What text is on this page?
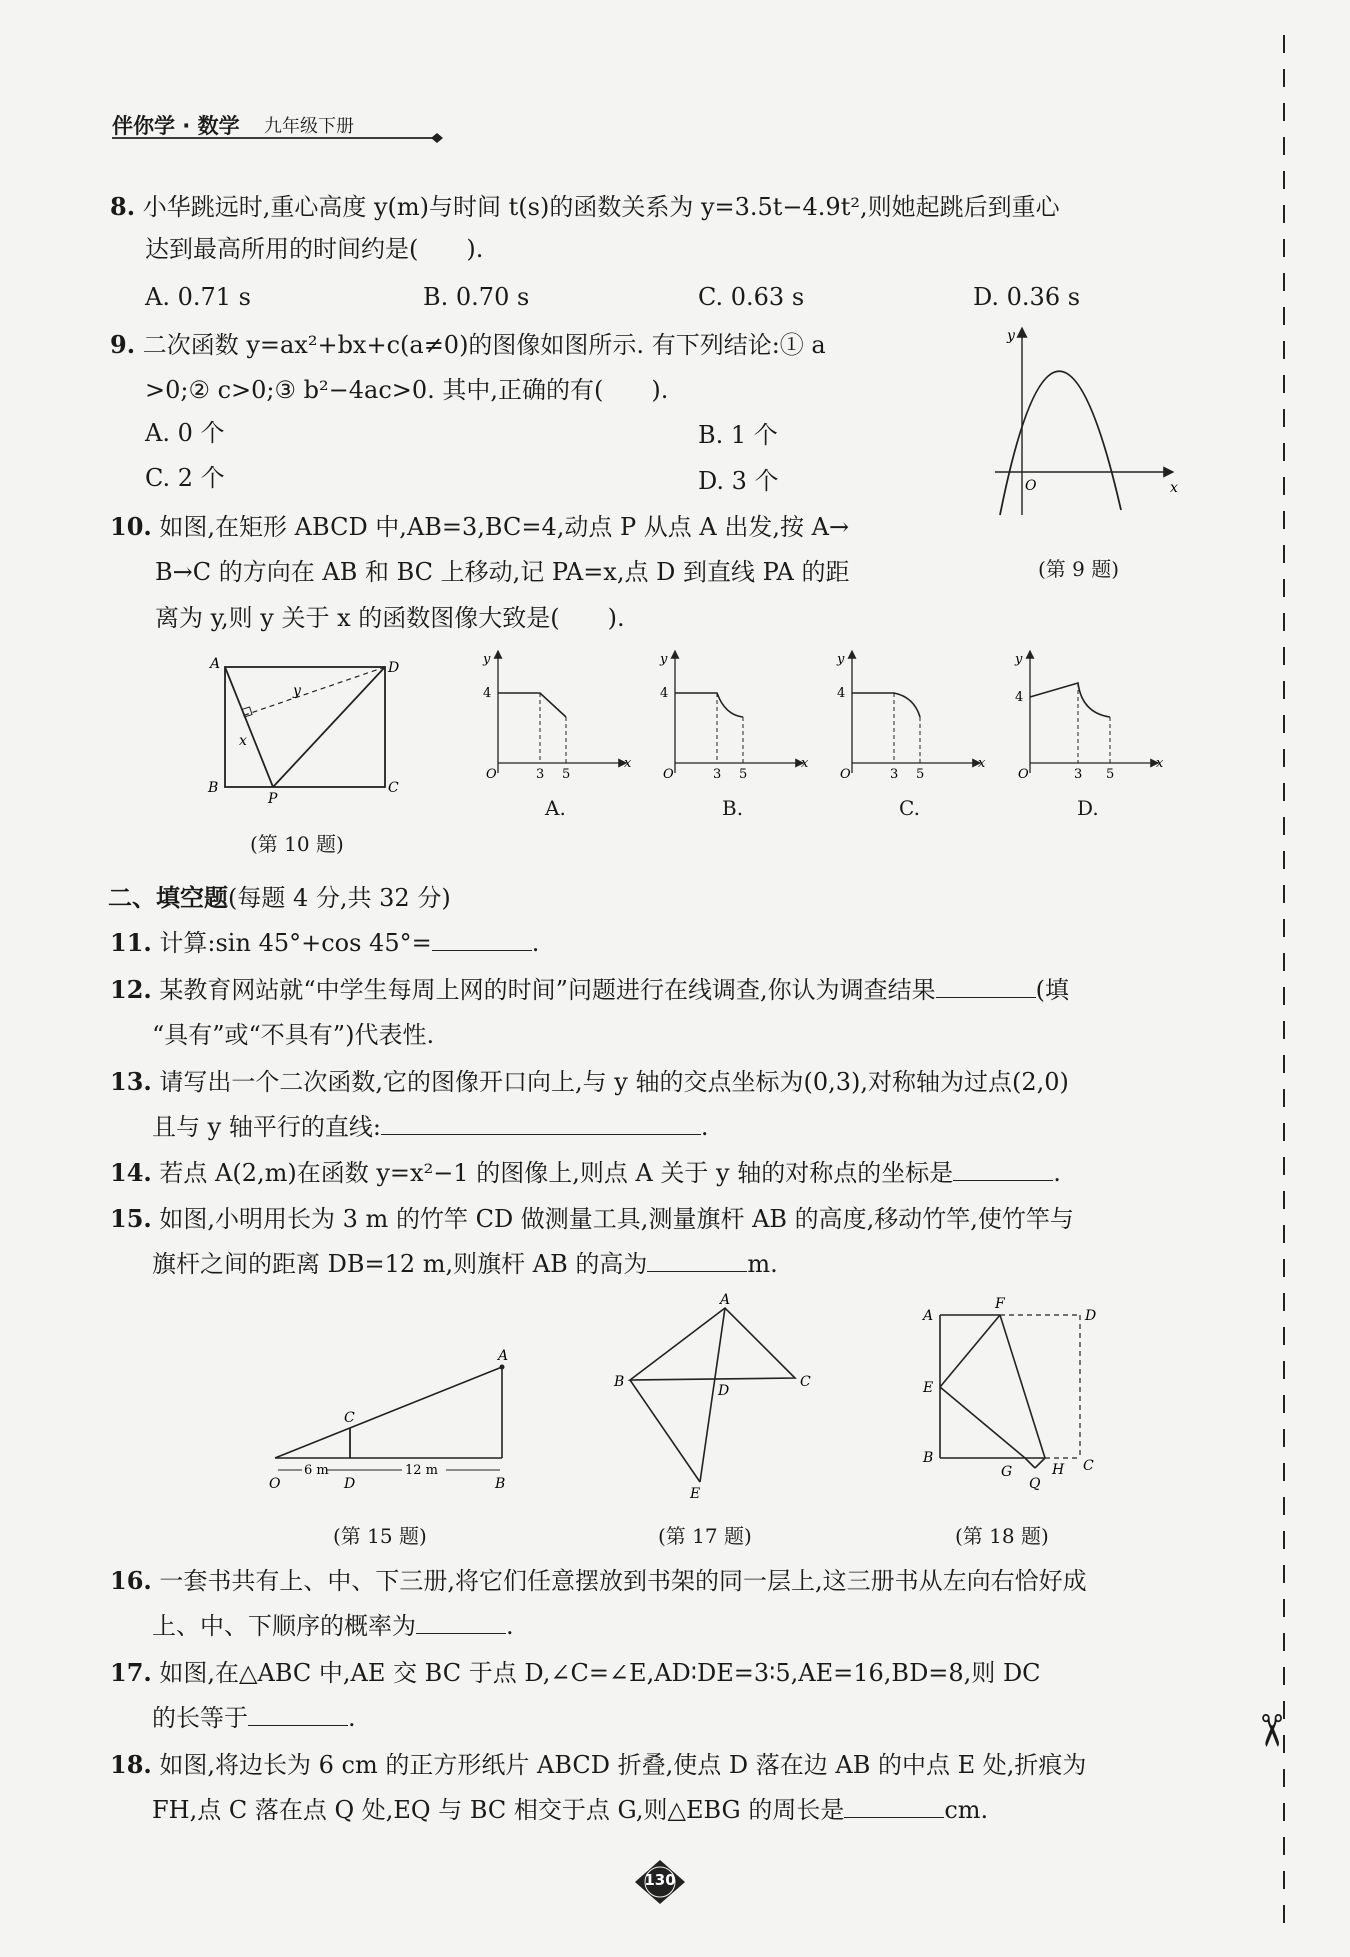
伴你学 · 数学 九年级下册
8. 小华跳远时,重心高度 y(m)与时间 t(s)的函数关系为 y=3.5t−4.9t²,则她起跳后到重心
达到最高所用的时间约是(　　).
A. 0.71 s	B. 0.70 s	C. 0.63 s	D. 0.36 s
9. 二次函数 y=ax²+bx+c(a≠0)的图像如图所示. 有下列结论:① a
>0;② c>0;③ b²−4ac>0. 其中,正确的有(　　).
A. 0 个	B. 1 个
C. 2 个	D. 3 个
y
x
O
(第 9 题)
10. 如图,在矩形 ABCD 中,AB=3,BC=4,动点 P 从点 A 出发,按 A→
B→C 的方向在 AB 和 BC 上移动,记 PA=x,点 D 到直线 PA 的距
离为 y,则 y 关于 x 的函数图像大致是(　　).
A	D
B	C
P
x
y
(第 10 题)
y
4
O	3 5
x
A.
y
4
O	3 5
x
B.
y
4
O	3 5
x
C.
y
4
O	3 5
x
D.
二、填空题(每题 4 分,共 32 分)
11. 计算:sin 45°+cos 45°=	.
12. 某教育网站就“中学生每周上网的时间”问题进行在线调查,你认为调查结果	(填
“具有”或“不具有”)代表性.
13. 请写出一个二次函数,它的图像开口向上,与 y 轴的交点坐标为(0,3),对称轴为过点(2,0)
且与 y 轴平行的直线:	.
14. 若点 A(2,m)在函数 y=x²−1 的图像上,则点 A 关于 y 轴的对称点的坐标是	.
15. 如图,小明用长为 3 m 的竹竿 CD 做测量工具,测量旗杆 AB 的高度,移动竹竿,使竹竿与
旗杆之间的距离 DB=12 m,则旗杆 AB 的高为	m.
6 m	12 m
A
C
O	D	B
(第 15 题)
A
B	C
D
E
(第 17 题)
A
F
D
E
B
G	H C
Q
(第 18 题)
16. 一套书共有上、中、下三册,将它们任意摆放到书架的同一层上,这三册书从左向右恰好成
上、中、下顺序的概率为	.
17. 如图,在△ABC 中,AE 交 BC 于点 D,∠C=∠E,AD∶DE=3∶5,AE=16,BD=8,则 DC
的长等于	.
18. 如图,将边长为 6 cm 的正方形纸片 ABCD 折叠,使点 D 落在边 AB 的中点 E 处,折痕为
FH,点 C 落在点 Q 处,EQ 与 BC 相交于点 G,则△EBG 的周长是	cm.
130
✂
